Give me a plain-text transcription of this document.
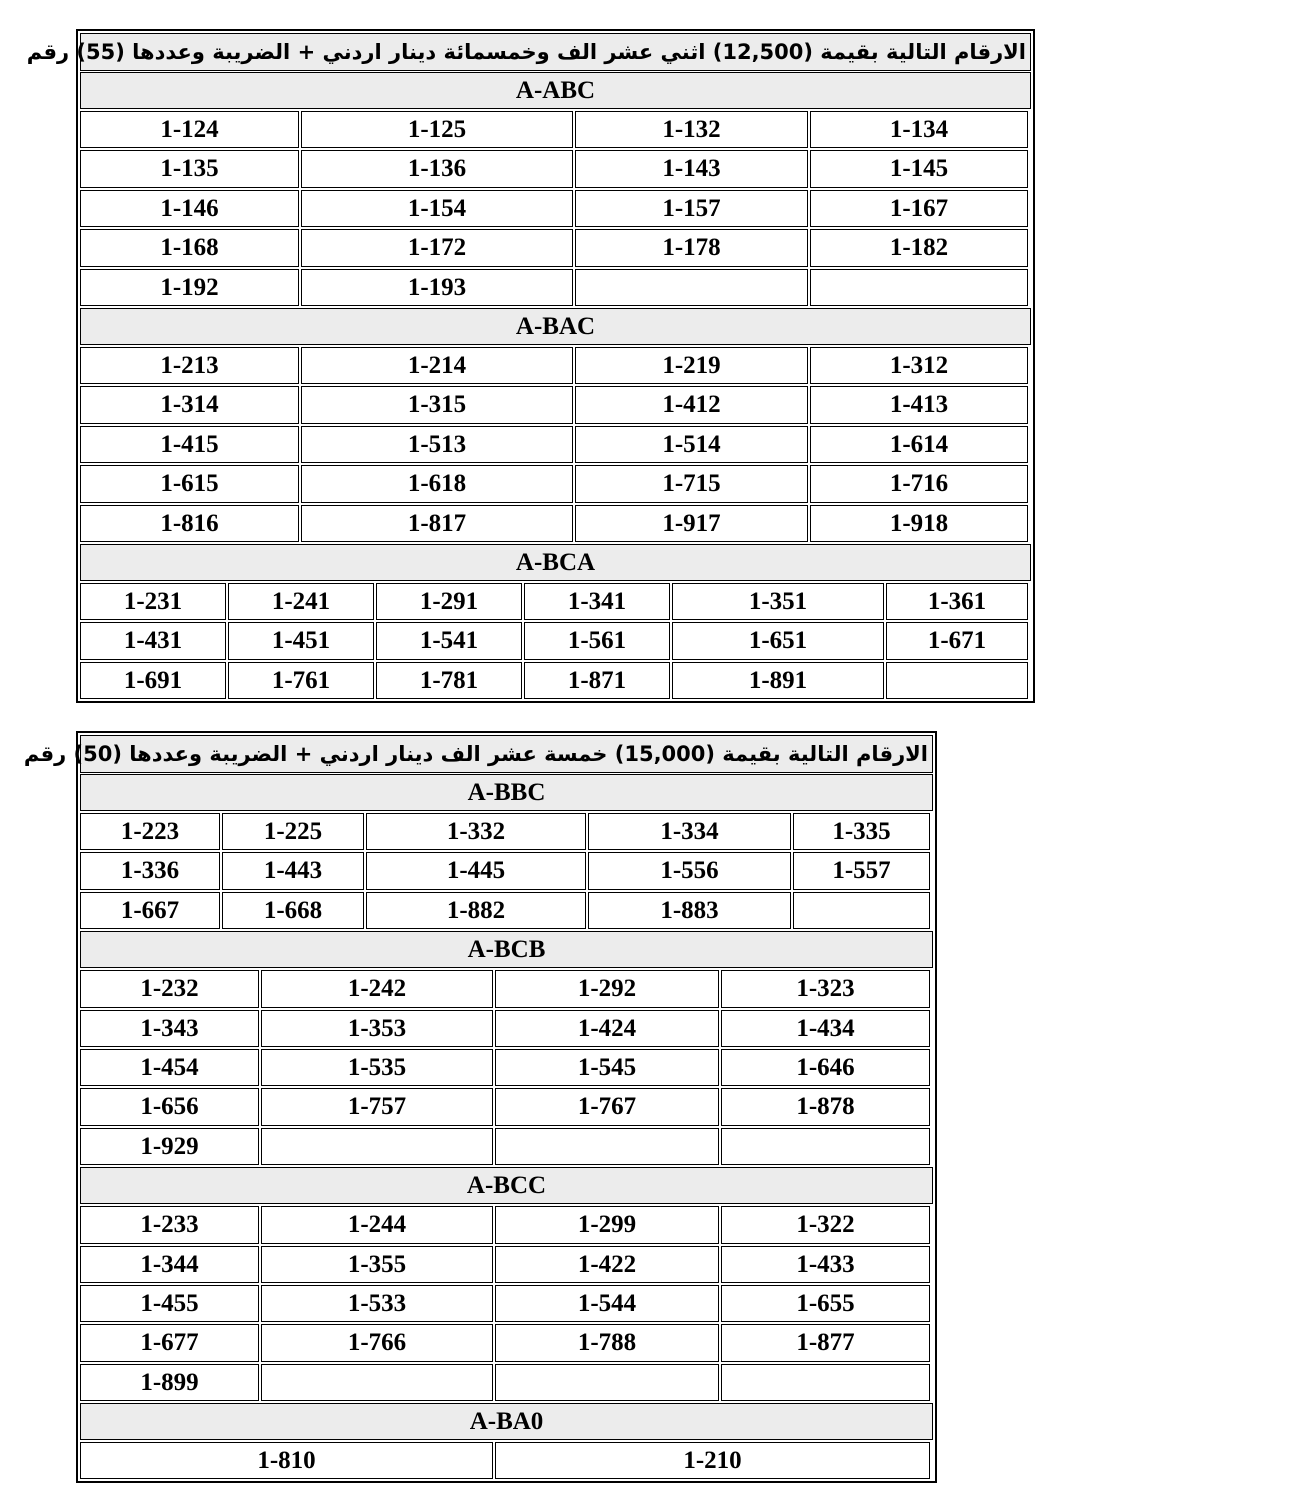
الارقام التالية بقيمة (12,500) اثني عشر الف وخمسمائة دينار اردني + الضريبة وعددها (55) رقم
A-ABC
1-124	1-125	1-132	1-134
1-135	1-136	1-143	1-145
1-146	1-154	1-157	1-167
1-168	1-172	1-178	1-182
1-192	1-193
A-BAC
1-213	1-214	1-219	1-312
1-314	1-315	1-412	1-413
1-415	1-513	1-514	1-614
1-615	1-618	1-715	1-716
1-816	1-817	1-917	1-918
A-BCA
1-231	1-241	1-291	1-341	1-351	1-361
1-431	1-451	1-541	1-561	1-651	1-671
1-691	1-761	1-781	1-871	1-891
الارقام التالية بقيمة (15,000) خمسة عشر الف دينار اردني + الضريبة وعددها (50) رقم
A-BBC
1-223	1-225	1-332	1-334	1-335
1-336	1-443	1-445	1-556	1-557
1-667	1-668	1-882	1-883
A-BCB
1-232	1-242	1-292	1-323
1-343	1-353	1-424	1-434
1-454	1-535	1-545	1-646
1-656	1-757	1-767	1-878
1-929
A-BCC
1-233	1-244	1-299	1-322
1-344	1-355	1-422	1-433
1-455	1-533	1-544	1-655
1-677	1-766	1-788	1-877
1-899
A-BA0
1-810	1-210
